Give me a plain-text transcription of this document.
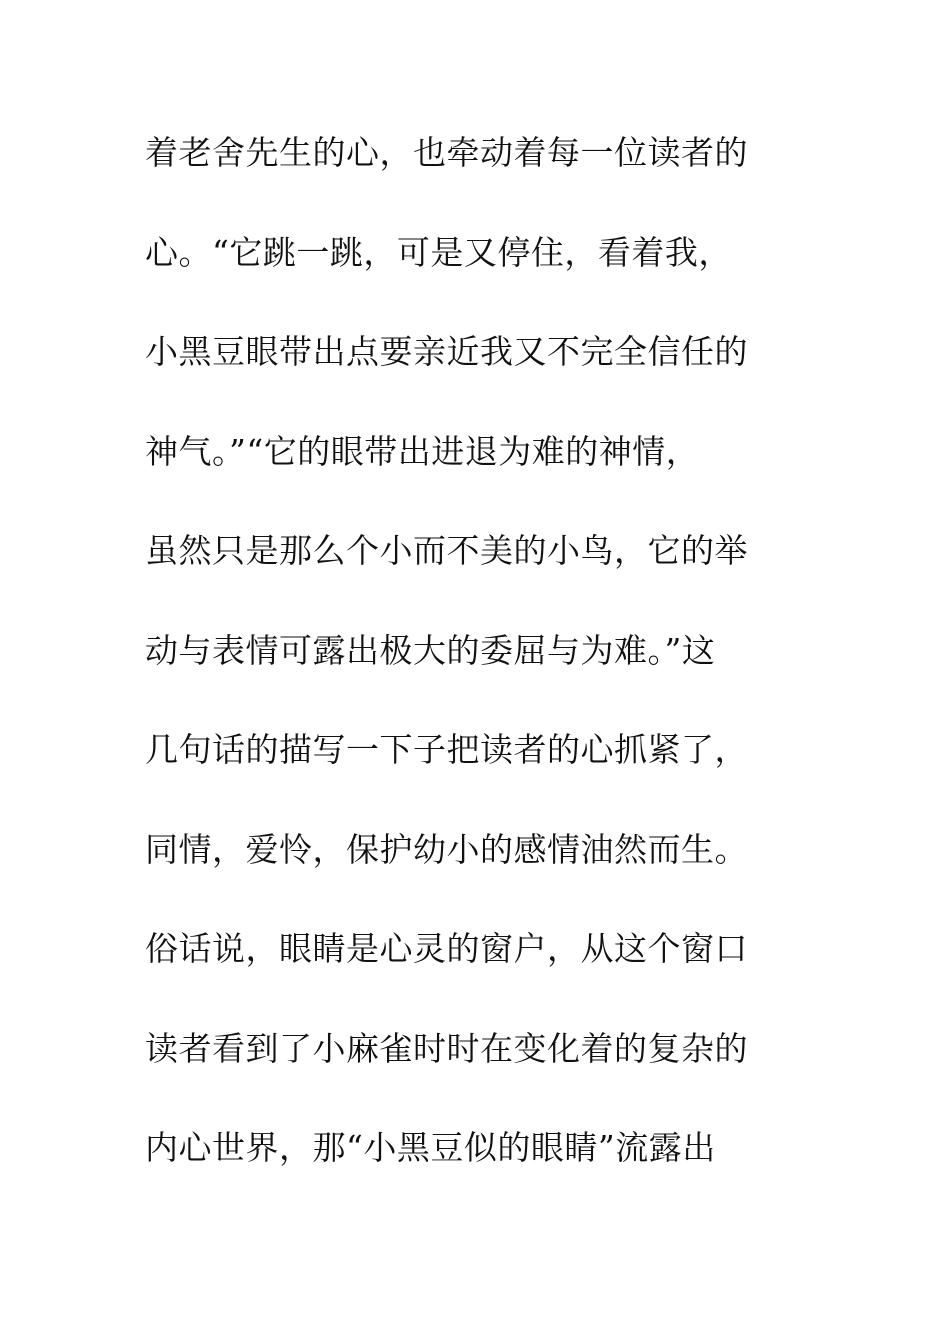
着老舍先生的心，也牵动着每一位读者的
心。“它跳一跳，可是又停住，看着我，
小黑豆眼带出点要亲近我又不完全信任的
神气。”“它的眼带出进退为难的神情，
虽然只是那么个小而不美的小鸟，它的举
动与表情可露出极大的委屈与为难。”这
几句话的描写一下子把读者的心抓紧了，
同情，爱怜，保护幼小的感情油然而生。
俗话说，眼睛是心灵的窗户，从这个窗口
读者看到了小麻雀时时在变化着的复杂的
内心世界，那“小黑豆似的眼睛”流露出
